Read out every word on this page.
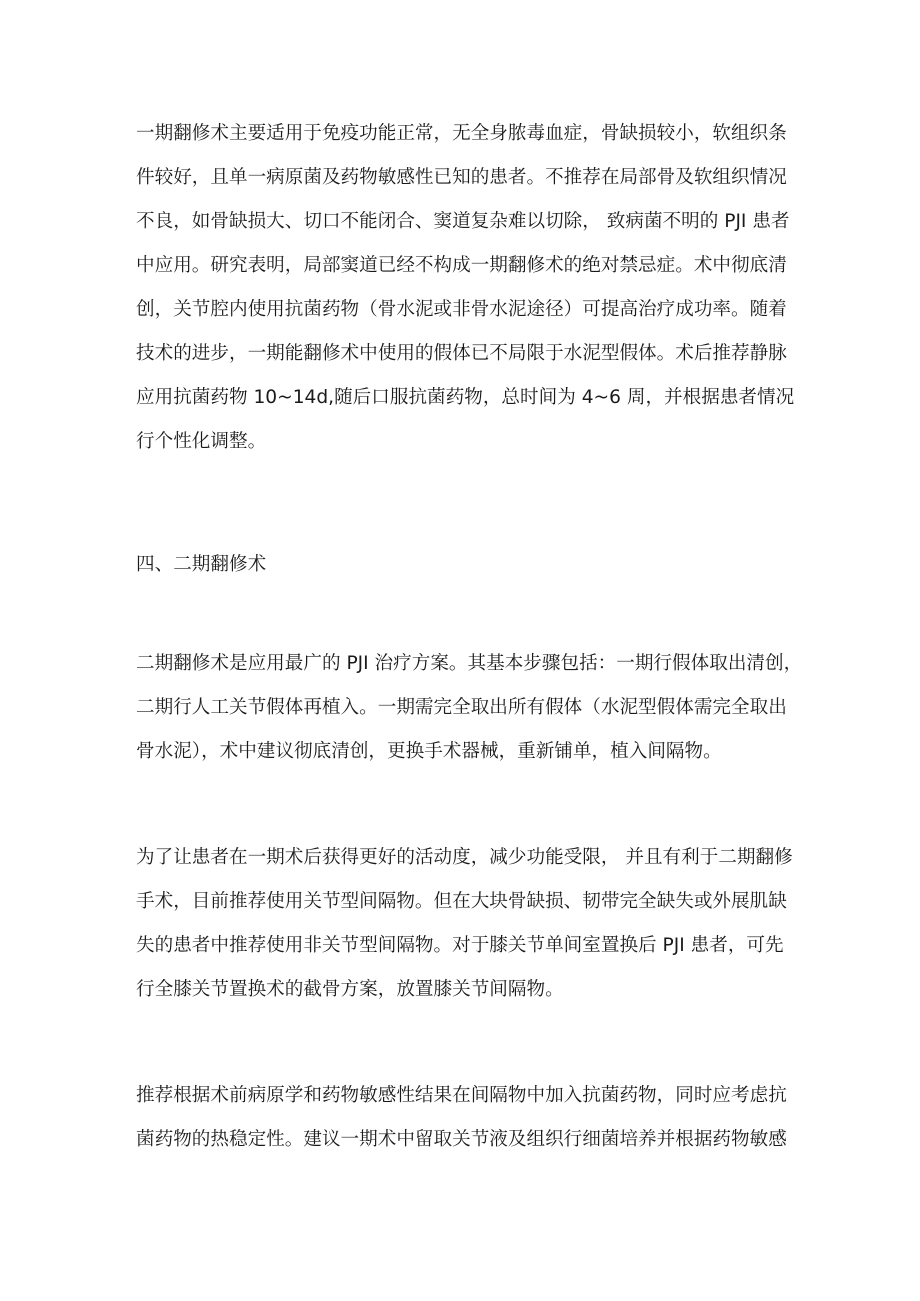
一期翻修术主要适用于免疫功能正常，无全身脓毒血症，骨缺损较小，软组织条
件较好，且单一病原菌及药物敏感性已知的患者。不推荐在局部骨及软组织情况
不良，如骨缺损大、切口不能闭合、窦道复杂难以切除， 致病菌不明的 PJI 患者
中应用。研究表明，局部窦道已经不构成一期翻修术的绝对禁忌症。术中彻底清
创，关节腔内使用抗菌药物（骨水泥或非骨水泥途径）可提高治疗成功率。随着
技术的进步，一期能翻修术中使用的假体已不局限于水泥型假体。术后推荐静脉
应用抗菌药物 10~14d,随后口服抗菌药物，总时间为 4~6 周，并根据患者情况
行个性化调整。
四、二期翻修术
二期翻修术是应用最广的 PJI 治疗方案。其基本步骤包括：一期行假体取出清创，
二期行人工关节假体再植入。一期需完全取出所有假体（水泥型假体需完全取出
骨水泥），术中建议彻底清创，更换手术器械，重新铺单，植入间隔物。
为了让患者在一期术后获得更好的活动度，减少功能受限， 并且有利于二期翻修
手术，目前推荐使用关节型间隔物。但在大块骨缺损、韧带完全缺失或外展肌缺
失的患者中推荐使用非关节型间隔物。对于膝关节单间室置换后 PJI 患者，可先
行全膝关节置换术的截骨方案，放置膝关节间隔物。
推荐根据术前病原学和药物敏感性结果在间隔物中加入抗菌药物，同时应考虑抗
菌药物的热稳定性。建议一期术中留取关节液及组织行细菌培养并根据药物敏感
